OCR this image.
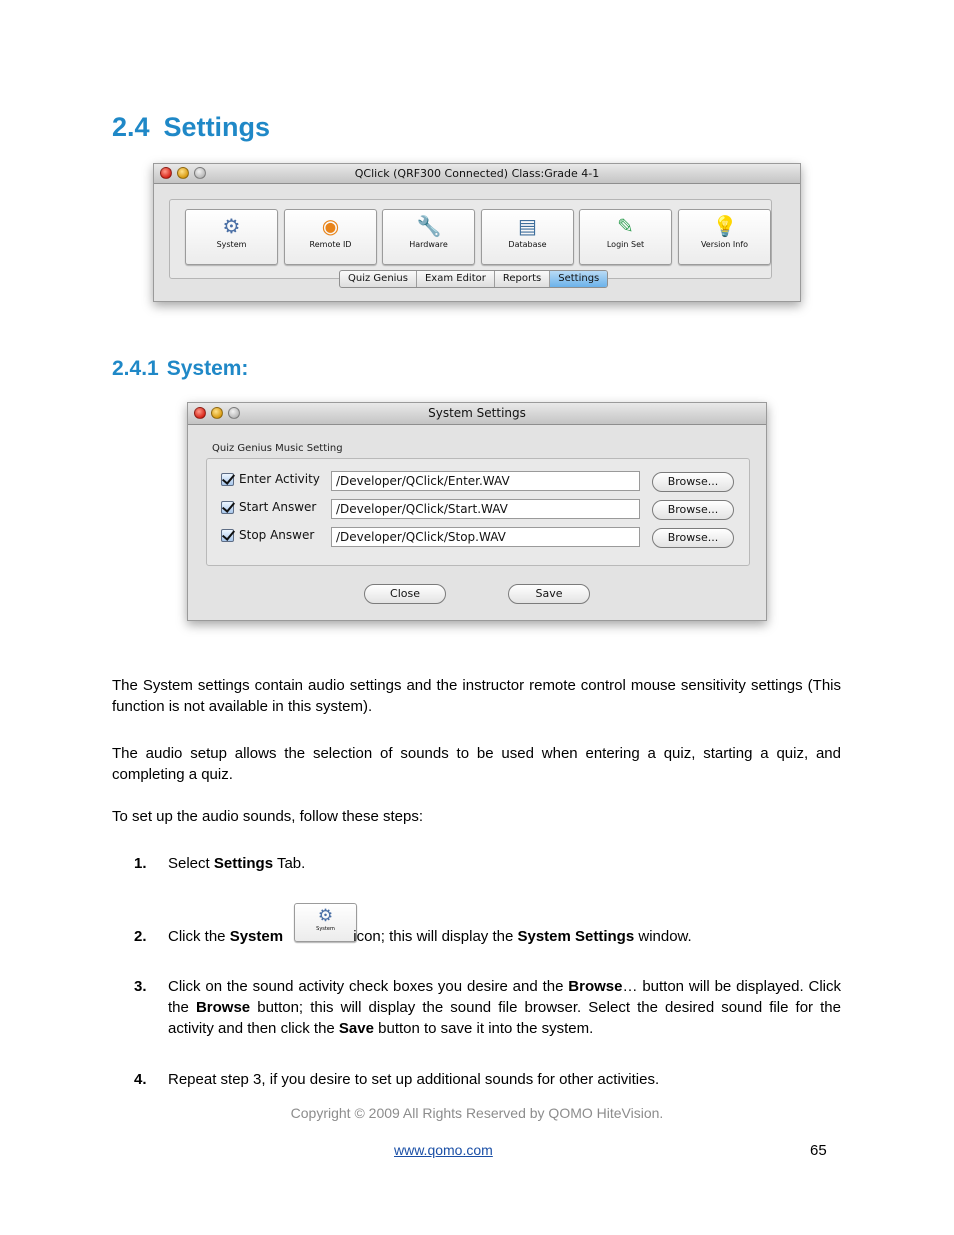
2.4 Settings
QClick (QRF300 Connected) Class:Grade 4-1
⚙
System
◉
Remote ID
🔧
Hardware
▤
Database
✎
Login Set
💡
Version Info
Quiz Genius	Exam Editor	Reports	Settings
2.4.1 System:
System Settings
Quiz Genius Music Setting
Enter Activity	/Developer/QClick/Enter.WAV	Browse...
Start Answer	/Developer/QClick/Start.WAV	Browse...
Stop Answer	/Developer/QClick/Stop.WAV	Browse...
Close	Save

The System settings contain audio settings and the instructor remote control mouse sensitivity settings (This function is not available in this system).

The audio setup allows the selection of sounds to be used when entering a quiz, starting a quiz, and completing a quiz.

To set up the audio sounds, follow these steps:

1. Select Settings Tab.
⚙
System
2. Click the System	icon; this will display the System Settings window.
3. Click on the sound activity check boxes you desire and the Browse… button will be displayed. Click the Browse button; this will display the sound file browser. Select the desired sound file for the activity and then click the Save button to save it into the system.
4. Repeat step 3, if you desire to set up additional sounds for other activities.
Copyright © 2009 All Rights Reserved by QOMO HiteVision.
www.qomo.com	65
